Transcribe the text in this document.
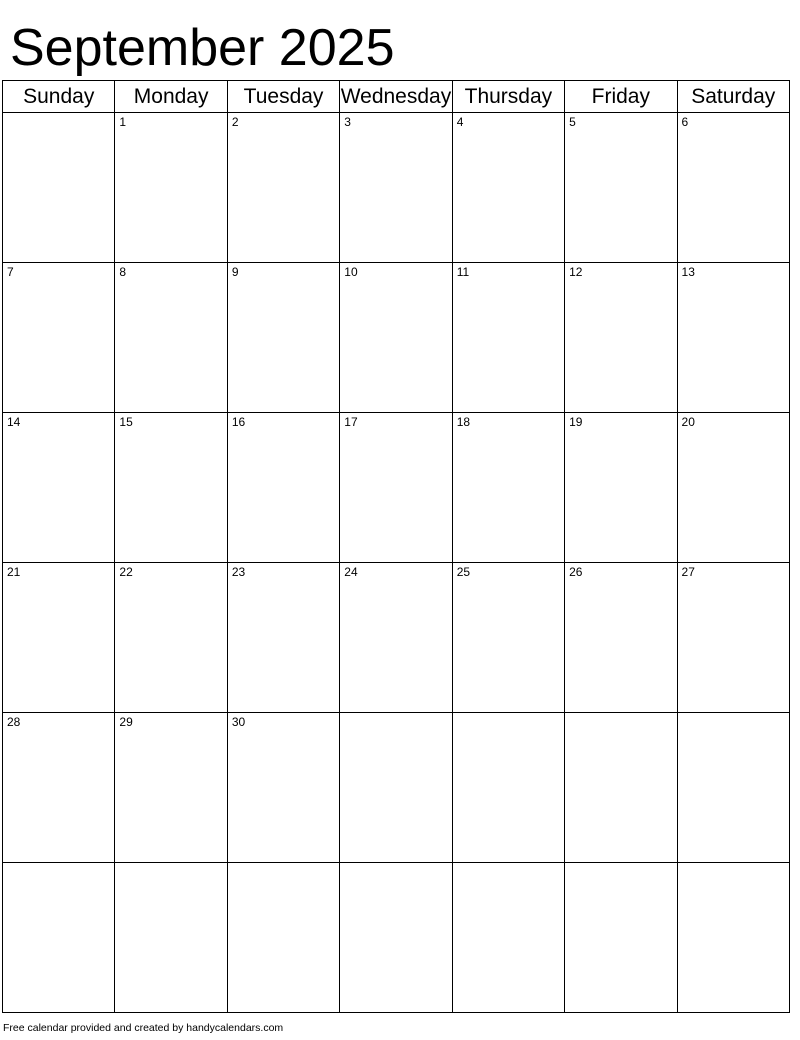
September 2025
Sunday	Monday	Tuesday	Wednesday	Thursday	Friday	Saturday

	1	2	3	4	5	6

7	8	9	10	11	12	13

14	15	16	17	18	19	20

21	22	23	24	25	26	27

28	29	30				

Free calendar provided and created by handycalendars.com
